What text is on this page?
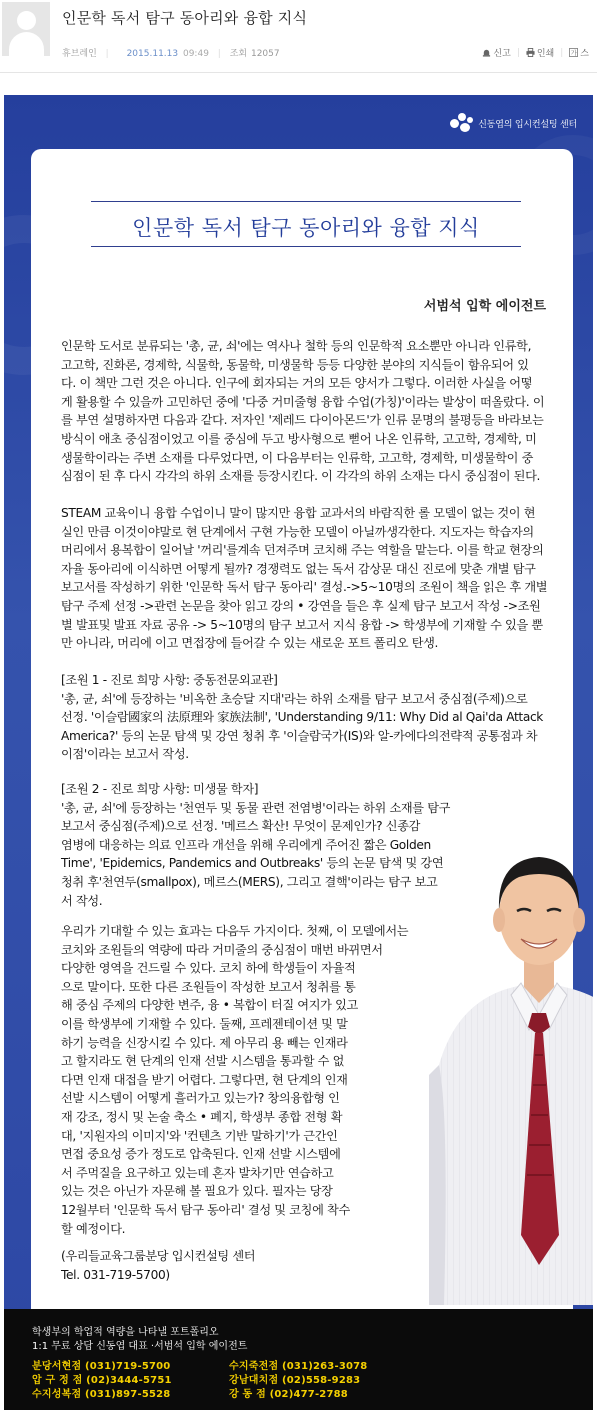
인문학 독서 탐구 동아리와 융합 지식
휴브레인 | 2015.11.13 09:49 | 조회 12057	신고 | 인쇄 | 가 스
신동엽의 입시컨설팅 센터
인문학 독서 탐구 동아리와 융합 지식
서범석 입학 에이전트
인문학 도서로 분류되는 '총, 균, 쇠'에는 역사나 철학 등의 인문학적 요소뿐만 아니라 인류학,
고고학, 진화론, 경제학, 식물학, 동물학, 미생물학 등등 다양한 분야의 지식들이 함유되어 있
다. 이 책만 그런 것은 아니다. 인구에 회자되는 거의 모든 양서가 그렇다. 이러한 사실을 어떻
게 활용할 수 있을까 고민하던 중에 '다중 거미줄형 융합 수업(가칭)'이라는 발상이 떠올랐다. 이
를 부연 설명하자면 다음과 같다. 저자인 '제레드 다이아몬드'가 인류 문명의 불평등을 바라보는
방식이 애초 중심점이었고 이를 중심에 두고 방사형으로 뻗어 나온 인류학, 고고학, 경제학, 미
생물학이라는 주변 소재를 다루었다면, 이 다음부터는 인류학, 고고학, 경제학, 미생물학이 중
심점이 된 후 다시 각각의 하위 소재를 등장시킨다. 이 각각의 하위 소재는 다시 중심점이 된다.
STEAM 교육이니 융합 수업이니 말이 많지만 융합 교과서의 바람직한 롤 모델이 없는 것이 현
실인 만큼 이것이야말로 현 단계에서 구현 가능한 모델이 아닐까생각한다. 지도자는 학습자의
머리에서 용복합이 일어날 '꺼리'를계속 던져주며 코치해 주는 역할을 맡는다. 이를 학교 현장의
자율 동아리에 이식하면 어떻게 될까? 경쟁력도 없는 독서 감상문 대신 진로에 맞춘 개별 탐구
보고서를 작성하기 위한 '인문학 독서 탐구 동아리' 결성.->5~10명의 조원이 책을 읽은 후 개별
탐구 주제 선정 ->관련 논문을 찾아 읽고 강의 • 강연을 들은 후 실제 탐구 보고서 작성 ->조원
별 발표및 발표 자료 공유 -> 5~10명의 탐구 보고서 지식 융합 -> 학생부에 기재할 수 있을 뿐
만 아니라, 머리에 이고 면접장에 들어갈 수 있는 새로운 포트 폴리오 탄생.
[조원 1 - 진로 희망 사항: 중동전문외교관]
'총, 균, 쇠'에 등장하는 '비옥한 초승달 지대'라는 하위 소재를 탐구 보고서 중심점(주제)으로
선정. '이슬람國家의 法原理와 家族法制', 'Understanding 9/11: Why Did al Qai'da Attack
America?' 등의 논문 탐색 및 강연 청취 후 '이슬람국가(IS)와 알-카에다의전략적 공통점과 차
이점'이라는 보고서 작성.
[조원 2 - 진로 희망 사항: 미생물 학자]
'총, 균, 쇠'에 등장하는 '천연두 및 동물 관련 전염병'이라는 하위 소재를 탐구
보고서 중심점(주제)으로 선정. '메르스 확산! 무엇이 문제인가? 신종감
염병에 대응하는 의료 인프라 개선을 위해 우리에게 주어진 짧은 Golden
Time', 'Epidemics, Pandemics and Outbreaks' 등의 논문 탐색 및 강연
청취 후'천연두(smallpox), 메르스(MERS), 그리고 결핵'이라는 탐구 보고
서 작성.
우리가 기대할 수 있는 효과는 다음두 가지이다. 첫째, 이 모델에서는
코치와 조원들의 역량에 따라 거미줄의 중심점이 매번 바뀌면서
다양한 영역을 건드릴 수 있다. 코치 하에 학생들이 자율적
으로 말이다. 또한 다른 조원들이 작성한 보고서 청취를 통
해 중심 주제의 다양한 변주, 융 • 복합이 터질 여지가 있고
이를 학생부에 기재할 수 있다. 둘째, 프레젠테이션 및 말
하기 능력을 신장시킬 수 있다. 제 아무리 용 빼는 인재라
고 할지라도 현 단계의 인재 선발 시스템을 통과할 수 없
다면 인재 대접을 받기 어렵다. 그렇다면, 현 단계의 인재
선발 시스템이 어떻게 흘러가고 있는가? 창의융합형 인
재 강조, 정시 및 논술 축소 • 폐지, 학생부 종합 전형 확
대, '지원자의 이미지'와 '컨텐츠 기반 말하기'가 근간인
면접 중요성 증가 정도로 압축된다. 인재 선발 시스템에
서 주먹질을 요구하고 있는데 혼자 발차기만 연습하고
있는 것은 아닌가 자문해 볼 필요가 있다. 필자는 당장
12월부터 '인문학 독서 탐구 동아리' 결성 및 코칭에 착수
할 예정이다.
(우리들교육그룹분당 입시컨설팅 센터
Tel. 031-719-5700)
학생부의 학업적 역량을 나타낼 포트폴리오
1:1 무료 상담 신동엽 대표 ·서범석 입학 에이전트
분당서현점 (031)719-5700
압 구 정 점 (02)3444-5751
수지성복점 (031)897-5528
수지죽전점 (031)263-3078
강남대치점 (02)558-9283
강 동 점 (02)477-2788
